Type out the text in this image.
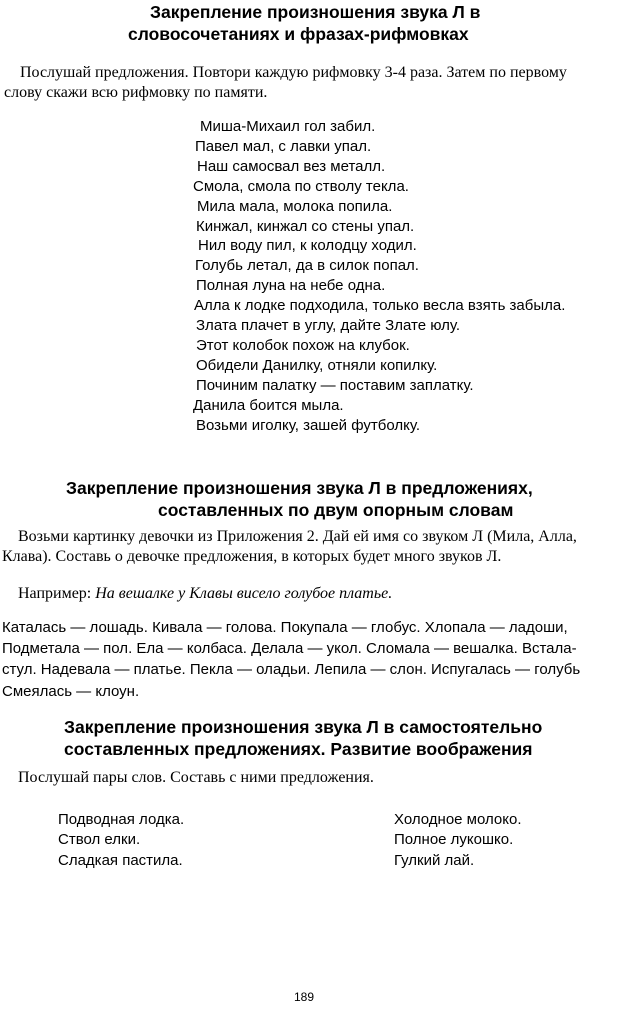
Закрепление произношения звука Л в
словосочетаниях и фразах-рифмовках
Послушай предложения. Повтори каждую рифмовку 3-4 раза. Затем по первому
слову скажи всю рифмовку по памяти.
Миша-Михаил гол забил.
Павел мал, с лавки упал.
Наш самосвал вез металл.
Смола, смола по стволу текла.
Мила мала, молока попила.
Кинжал, кинжал со стены упал.
Нил воду пил, к колодцу ходил.
Голубь летал, да в силок попал.
Полная луна на небе одна.
Алла к лодке подходила, только весла взять забыла.
Злата плачет в углу, дайте Злате юлу.
Этот колобок похож на клубок.
Обидели Данилку, отняли копилку.
Починим палатку — поставим заплатку.
Данила боится мыла.
Возьми иголку, зашей футболку.
Закрепление произношения звука Л в предложениях,
составленных по двум опорным словам
Возьми картинку девочки из Приложения 2. Дай ей имя со звуком Л (Мила, Алла,
Клава). Составь о девочке предложения, в которых будет много звуков Л.
Например: На вешалке у Клавы висело голубое платье.
Каталась — лошадь. Кивала — голова. Покупала — глобус. Хлопала — ладоши,
Подметала — пол. Ела — колбаса. Делала — укол. Сломала — вешалка. Встала-
стул. Надевала — платье. Пекла — оладьи. Лепила — слон. Испугалась — голубь
Смеялась — клоун.
Закрепление произношения звука Л в самостоятельно
составленных предложениях. Развитие воображения
Послушай пары слов. Составь с ними предложения.
Подводная лодка.
Ствол елки.
Сладкая пастила.
Холодное молоко.
Полное лукошко.
Гулкий лай.
189
